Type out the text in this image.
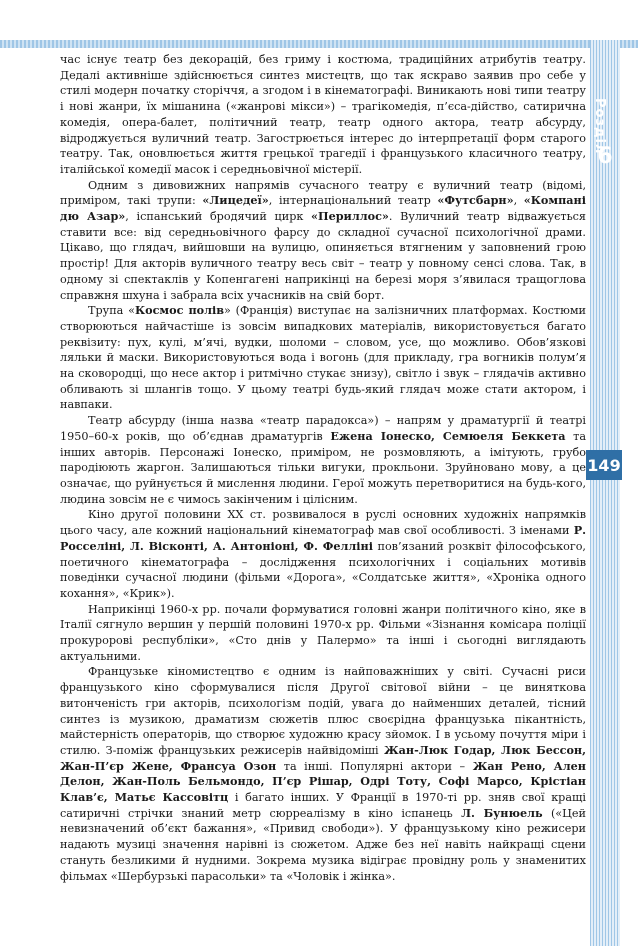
Розділ
6
149

час існує театр без декорацій, без гриму і костюма, традиційних атрибутів театру. Дедалі активніше здійснюється синтез мистецтв, що так яскраво заявив про себе у стилі модерн початку сторіччя, а згодом і в кінематографі. Виникають нові типи театру і нові жанри, їх мішанина («жанрові мікси») – трагікомедія, п’єса-дійство, сатирична комедія, опера-балет, політичний театр, театр одного актора, театр абсурду, відроджується вуличний театр. Загострюється інтерес до інтерпретації форм старого театру. Так, оновлюється життя грецької трагедії і французького класичного театру, італійської комедії масок і середньовічної містерії.

Одним з дивовижних напрямів сучасного театру є вуличний театр (відомі, приміром, такі трупи: «Лицедеї», інтернаціональний театр «Футсбарн», «Компані дю Азар», іспанський бродячий цирк «Периллос». Вуличний театр відважується ставити все: від середньовічного фарсу до складної сучасної психологічної драми. Цікаво, що глядач, вийшовши на вулицю, опиняється втягненим у заповнений грою простір! Для акторів вуличного театру весь світ – театр у повному сенсі слова. Так, в одному зі спектаклів у Копенгагені наприкінці на березі моря з’явилася тращоглова справжня шхуна і забрала всіх учасників на свій борт.

Трупа «Космос полів» (Франція) виступає на залізничних платформах. Костюми створюються найчастіше із зовсім випадкових матеріалів, використовується багато реквізиту: пух, кулі, м’ячі, вудки, шоломи – словом, усе, що можливо. Обов’язкові ляльки й маски. Використовуються вода і вогонь (для прикладу, гра вогників полум’я на сковородці, що несе актор і ритмічно стукає знизу), світло і звук – глядачів активно обливають зі шлангів тощо. У цьому театрі будь-який глядач може стати актором, і навпаки.

Театр абсурду (інша назва «театр парадокса») – напрям у драматургії й театрі 1950–60-х років, що об’єднав драматургів Ежена Іонеско, Семюеля Беккета та інших авторів. Персонажі Іонеско, приміром, не розмовляють, а імітують, грубо пародіюють жаргон. Залишаються тільки вигуки, прокльони. Зруйновано мову, а це означає, що руйнується й мислення людини. Герої можуть перетворитися на будь-кого, людина зовсім не є чимось закінченим і цілісним.

Кіно другої половини ХХ ст. розвивалося в руслі основних художніх напрямків цього часу, але кожний національний кінематограф мав свої особливості. З іменами Р. Росселіні, Л. Вісконті, А. Антоніоні, Ф. Фелліні пов’язаний розквіт філософського, поетичного кінематографа – дослідження психологічних і соціальних мотивів поведінки сучасної людини (фільми «Дорога», «Солдатське життя», «Хроніка одного кохання», «Крик»).

Наприкінці 1960-х рр. почали формуватися головні жанри політичного кіно, яке в Італії сягнуло вершин у першій половині 1970-х рр. Фільми «Зізнання комісара поліції прокуророві республіки», «Сто днів у Палермо» та інші і сьогодні виглядають актуальними.

Французьке кіномистецтво є одним із найповажніших у світі. Сучасні риси французького кіно сформувалися після Другої світової війни – це виняткова витонченість гри акторів, психологізм подій, увага до найменших деталей, тісний синтез із музикою, драматизм сюжетів плюс своєрідна французька пікантність, майстерність операторів, що створює художню красу зйомок. І в усьому почуття міри і стилю. З-поміж французьких режисерів найвідоміші Жан-Люк Годар, Люк Бессон, Жан-П’єр Жене, Франсуа Озон та інші. Популярні актори – Жан Рено, Ален Делон, Жан-Поль Бельмондо, П’єр Рішар, Одрі Тоту, Софі Марсо, Крістіан Клав’є, Матьє Кассовітц і багато інших. У Франції в 1970-ті рр. зняв свої кращі сатиричні стрічки знаний метр сюрреалізму в кіно іспанець Л. Бунюель («Цей невизначений об’єкт бажання», «Привид свободи»). У французькому кіно режисери надають музиці значення нарівні із сюжетом. Адже без неї навіть найкращі сцени стануть безликими й нудними. Зокрема музика відіграє провідну роль у знаменитих фільмах «Шербурзькі парасольки» та «Чоловік і жінка».
